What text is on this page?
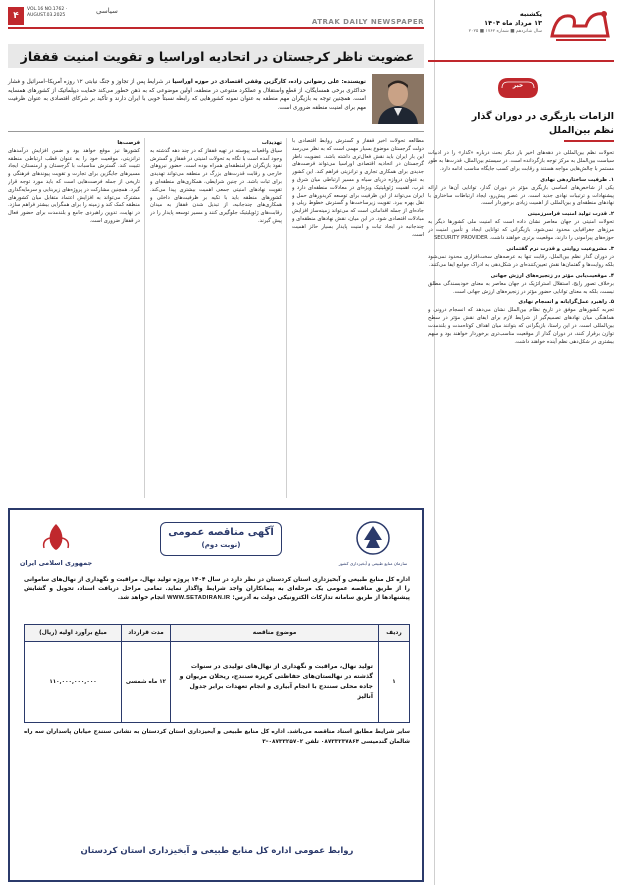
یکشنبه
۱۳ مرداد ماه ۱۴۰۴
سال شانزدهم ■ شماره ۱۷۶۲ ■ ۲۰۲۵
۴
VOL.16 NO.1762 · AUGUST.03.2025
سیاسی
ATRAK DAILY NEWSPAPER
عضویت ناظر کرجستان در اتحادیه اوراسیا و تقویت امنیت قفقاز
نویسنده: علی رضوانی زاده، کارگزین وقفی اقتصادی در حوزه اوراسیا در شرایط پس از تجاوز و جنگ نیابتی ۱۲ روزه آمریکا–اسرائیل و فشار حداکثری برخی همسایگان، از قطع واستقلال و عملکرد متنوعی در منطقه، اولین موضوعی که به ذهن خطور می‌کند حمایت دیپلماتیک از کشورهای همسایه است. همچنین توجه به بازیگران مهم منطقه به عنوان نمونه کشورهایی که رابطه نسبتاً خوبی با ایران دارند و تأکید بر شرکای اقتصادی به عنوان ظرفیت مهم برای امنیت منطقه ضروری است.
مطالعه تحولات اخیر قفقاز و گسترش روابط اقتصادی با دولت گرجستان موضوع بسیار مهمی است که به نظر می‌رسد این بار ایران باید نقش فعال‌تری داشته باشد. عضویت ناظر گرجستان در اتحادیه اقتصادی اوراسیا می‌تواند فرصت‌های جدیدی برای همکاری تجاری و ترانزیتی فراهم کند. این کشور به عنوان دروازه دریای سیاه و مسیر ارتباطی میان شرق و غرب، اهمیت ژئوپلیتیک ویژه‌ای در معادلات منطقه‌ای دارد و ایران می‌تواند از این ظرفیت برای توسعه کریدورهای حمل و نقل بهره ببرد. تقویت زیرساخت‌ها و گسترش خطوط ریلی و جاده‌ای از جمله اقداماتی است که می‌تواند زمینه‌ساز افزایش مبادلات اقتصادی شود. در این میان، نقش نهادهای منطقه‌ای و چندجانبه در ایجاد ثبات و امنیت پایدار بسیار حائز اهمیت است.
تهدیدات
سیاق واقعیات پیوسته در تهیه قفقاز که در چند دهه گذشته به وجود آمده است با نگاه به تحولات امنیتی در قفقاز و گسترش نفوذ بازیگران فرامنطقه‌ای همراه بوده است. حضور نیروهای خارجی و رقابت قدرت‌های بزرگ در منطقه می‌تواند تهدیدی برای ثبات باشد. در چنین شرایطی، همکاری‌های منطقه‌ای و تقویت نهادهای امنیتی جمعی اهمیت بیشتری پیدا می‌کند. کشورهای منطقه باید با تکیه بر ظرفیت‌های داخلی و همکاری‌های چندجانبه، از تبدیل شدن قفقاز به میدان رقابت‌های ژئوپلیتیک جلوگیری کنند و مسیر توسعه پایدار را در پیش گیرند.
فرصت‌ها
کشورها نیز موقع خواهد بود و ضمن افزایش درآمدهای ترانزیتی، موقعیت خود را به عنوان قطب ارتباطی منطقه تثبیت کند. گسترش مناسبات با گرجستان و ارمنستان، ایجاد مسیرهای جایگزین برای تجارت و تقویت پیوندهای فرهنگی و تاریخی از جمله فرصت‌هایی است که باید مورد توجه قرار گیرد. همچنین مشارکت در پروژه‌های زیربنایی و سرمایه‌گذاری مشترک می‌تواند به افزایش اعتماد متقابل میان کشورهای منطقه کمک کند و زمینه را برای همگرایی بیشتر فراهم سازد. در نهایت، تدوین راهبردی جامع و بلندمدت برای حضور فعال در قفقاز ضروری است.
جمهوری اسلامی ایران
آگهی مناقصه عمومی
(نوبت دوم)
سازمان منابع طبیعی و آبخیزداری کشور
اداره کل منابع طبیعی و آبخیزداری استان کردستان در نظر دارد در سال ۱۴۰۴ پروژه تولید نهال، مراقبت و نگهداری از نهال‌های ساموانی را از طریق مناقصه عمومی یک مرحله‌ای به پیمانکاران واجد شرایط واگذار نماید. تمامی مراحل دریافت اسناد، تحویل و گشایش پیشنهادها از طریق سامانه تدارکات الکترونیکی دولت به آدرس: WWW.SETADIRAN.IR انجام خواهد شد.
ردیف	موضوع مناقصه	مدت قرارداد	مبلغ برآورد اولیه (ریال)
۱	تولید نهال، مراقبت و نگهداری از نهال‌های تولیدی در سنوات گذشته در نهالستان‌های حفاظتی کریزه سنندج، ریحلان مریوان و جاده محلی سنندج با انجام آبیاری و انجام تعهدات برابر جدول آنالیز	۱۲ ماه شمسی	۱۱۰,۰۰۰,۰۰۰,۰۰۰
سایر شرایط مطابق اسناد مناقصه می‌باشد. اداره کل منابع طبیعی و آبخیزداری استان کردستان به نشانی سنندج خیابان پاسداران سه راه شالمان گندمیسی ۰۸۷۳۳۲۳۷۸۶۴ تلفن ۰۸۷۳۳۲۵۷۰۲–۳
روابط عمومی اداره کل منابع طبیعی و آبخیزداری استان کردستان
خبر
الزامات بازیگری در دوران گذار
نظم بین‌الملل
تحولات نظم بین‌المللی در دهه‌های اخیر بار دیگر بحث درباره «گذار» را در ادبیات سیاست بین‌الملل به مرکز توجه بازگردانده است. در سیستم بین‌الملل، قدرت‌ها به طور مستمر با چالش‌هایی مواجه هستند و رقابت برای کسب جایگاه مناسب ادامه دارد.
۱. ظرفیت ساختاردهی نهادی
یکی از شاخص‌های اساسی بازیگری مؤثر در دوران گذار، توانایی آن‌ها در ارائه پیشنهادات و ترتیبات نهادی جدید است. در عصر پیش‌رو، ایجاد ارتباطات ساختاری با نهادهای منطقه‌ای و بین‌المللی از اهمیت زیادی برخوردار است.
۲. قدرت تولید امنیت فراسرزمینی
تحولات امنیتی در جهان معاصر نشان داده است که امنیت ملی کشورها دیگر به مرزهای جغرافیایی محدود نمی‌شود. بازیگرانی که توانایی ایجاد و تأمین امنیت در حوزه‌های پیرامونی را دارند، موقعیت برتری خواهند داشت. SECURITY PROVIDER
۳. مشروعیت روایتی و قدرت نرم گفتمانی
در دوران گذار نظم بین‌الملل، رقابت تنها به عرصه‌های سخت‌افزاری محدود نمی‌شود بلکه روایت‌ها و گفتمان‌ها نقش تعیین‌کننده‌ای در شکل‌دهی به ادراک جوامع ایفا می‌کنند.
۴. موقعیت‌یابی مؤثر در زنجیره‌های ارزش جهانی
برخلاف تصور رایج، استقلال استراتژیک در جهان معاصر به معنای خودبسندگی مطلق نیست، بلکه به معنای توانایی حضور مؤثر در زنجیره‌های ارزش جهانی است.
۵. راهبرد عمل‌گرایانه و انسجام نهادی
تجربه کشورهای موفق در تاریخ نظام بین‌الملل نشان می‌دهد که انسجام درونی و هماهنگی میان نهادهای تصمیم‌گیر از شرایط لازم برای ایفای نقش مؤثر در سطح بین‌المللی است. در این راستا، بازیگرانی که بتوانند میان اهداف کوتاه‌مدت و بلندمدت توازن برقرار کنند، در دوران گذار از موقعیت مناسب‌تری برخوردار خواهند بود و سهم بیشتری در شکل‌دهی نظم آینده خواهند داشت.
